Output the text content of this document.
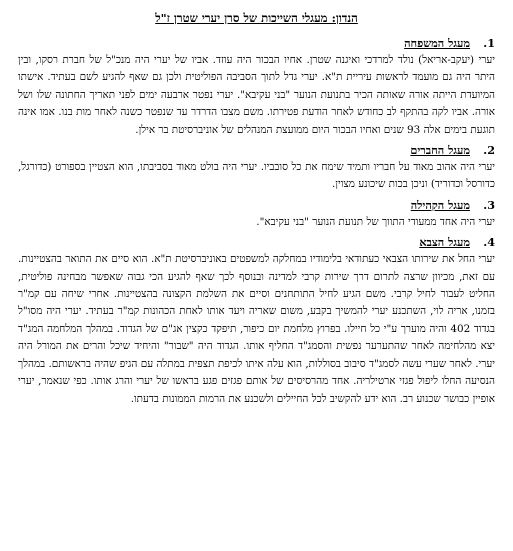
הנדון: מעגלי השייכות של סרן יערי שטרן ז"ל
1.
מעגל המשפחה

יערי (יעקב-אריאל) נולד למרדכי ואיגנה שטרן. אחיו הבכור היה עוזד. אביו של יערי היה מנכ"ל של חברת רסקו, ובין היתר היה גם מועמד לראשות עיריית ת"א. יערי גדל לתוך הסביבה הפוליטית ולכן גם שאף להגיע לשם בעתיד. אישתו המיועדת הייתה אורה שאותה הכיר בתנועת הנוער "בני עקיבא". יערי נפטר ארבעה ימים לפני תאריך החתונה שלו ושל אורה. אביו לקה בהתקף לב כחודש לאחר הודעת פטירתו. משם מצבו הדרדר עד שנפטר כשנה לאחר מות בנו. אמו אינה תוגעת בימים אלה 93 שנים ואחיו הבכור היום ממועצת המנהלים של אוניברסיטת בר אילן.

2.
מעגל החברים

יערי היה אהוב מאוד על חבריו ותמיד שימח את כל סובביו. יערי היה בולט מאוד בסביבתו, הוא הצטיין בספורט (כדורגל, כדורסל וכדוריד) וניכן בכות שיכונע מצוין.

3.
מעגל הקהילה

יערי היה אחד ממעודי התווך של תנועת הנוער "בני עקיבא".

4.
מעגל הצבא

יערי החל את שירותו הצבאי כעתודאי בלימודיו במחלקה למשפטים באוניברסיטת ת"א. הוא סיים את התואר בהצטיינות. עם זאת, מכיוון שרצה לתרום דרך שירות קרבי למדינה ובנוסף לכך שאף להגיע הכי גבוה שאפשר מבחינה פוליטית, החליט לעבור לחיל קרבי. משם הגיע לחיל התותחנים וסיים את השלמת הקצונה בהצטיינות. אחרי שיחה עם קמ"ר בזמנו, אריה לוי, השתכנע יערי להמשיך בקבע, משום שאריה ויעד אותו לאחת הכהונות קמ"ר בעתיד. יערי היה מסו"ל בגדוד 402 והיה מוערך ע"י כל חיילו. בפרוץ מלחמת יום כיפור, תיפקד כקצין אג"ם של הגדוד. במהלך המלחמה המג"ד יצא מהלחימה לאחר שהתערער נפשית והסמג"ד החליף אותו. הגדוד היה "שבור" והיחיד שיכל והרים את המורל היה יערי. לאחר שערי עשה לסמג"ד סיבוב בסוללות, הוא עלה איתו לכיפת תצפית במתלה עם הגיפ שהיה בראשותם. במהלך הנסיעה החלו ליפול פגזי ארטילריה. אחד מהרסיסים של אותם פגזים פגע בראשו של יערי והרג אותו. כפי שנאמר, יערי אופיין כבושר שכנוע רב. הוא ידע להקשיב לכל החיילים ולשכנע את הרמות הממונות בדעתו.
